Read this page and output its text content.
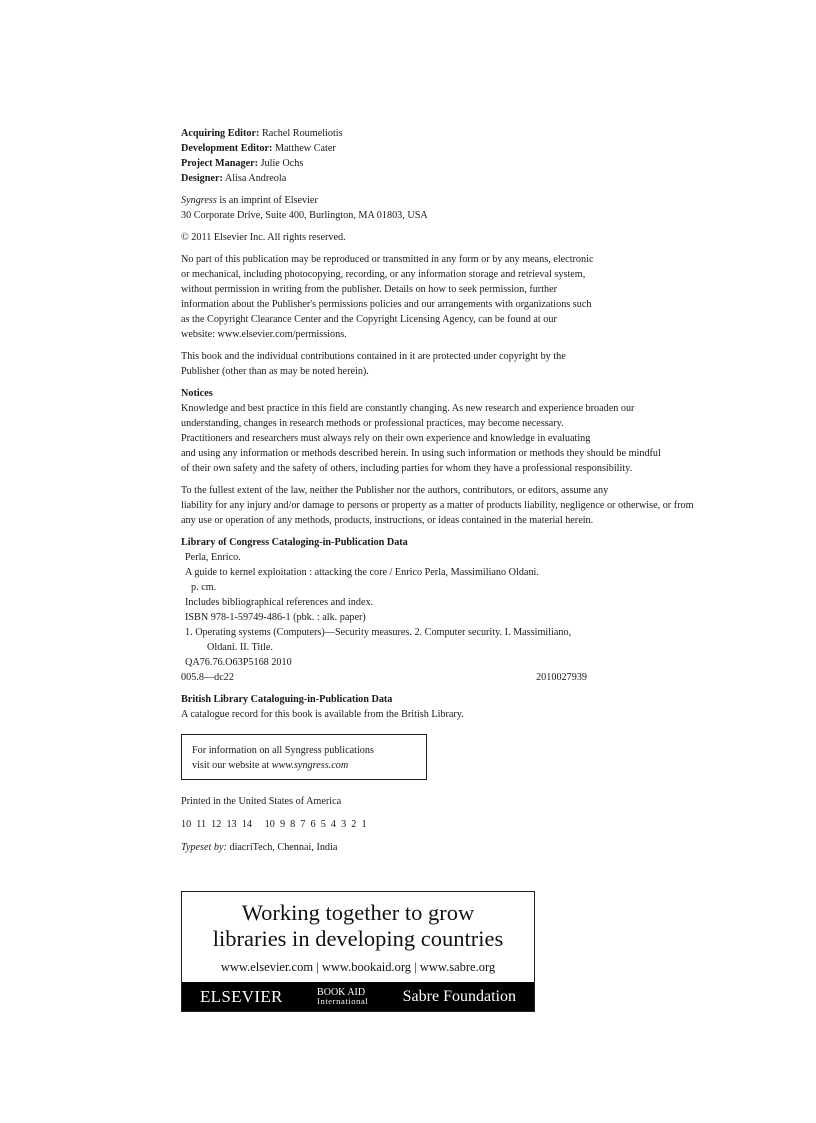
Acquiring Editor: Rachel Roumeliotis

Development Editor: Matthew Cater

Project Manager: Julie Ochs

Designer: Alisa Andreola

Syngress is an imprint of Elsevier

30 Corporate Drive, Suite 400, Burlington, MA 01803, USA

© 2011 Elsevier Inc. All rights reserved.

No part of this publication may be reproduced or transmitted in any form or by any means, electronic

or mechanical, including photocopying, recording, or any information storage and retrieval system,

without permission in writing from the publisher. Details on how to seek permission, further

information about the Publisher's permissions policies and our arrangements with organizations such

as the Copyright Clearance Center and the Copyright Licensing Agency, can be found at our

website: www.elsevier.com/permissions.

This book and the individual contributions contained in it are protected under copyright by the

Publisher (other than as may be noted herein).

Notices

Knowledge and best practice in this field are constantly changing. As new research and experience broaden our

understanding, changes in research methods or professional practices, may become necessary.

Practitioners and researchers must always rely on their own experience and knowledge in evaluating

and using any information or methods described herein. In using such information or methods they should be mindful

of their own safety and the safety of others, including parties for whom they have a professional responsibility.

To the fullest extent of the law, neither the Publisher nor the authors, contributors, or editors, assume any

liability for any injury and/or damage to persons or property as a matter of products liability, negligence or otherwise, or from

any use or operation of any methods, products, instructions, or ideas contained in the material herein.

Library of Congress Cataloging-in-Publication Data

Perla, Enrico.

A guide to kernel exploitation : attacking the core / Enrico Perla, Massimiliano Oldani.

p. cm.

Includes bibliographical references and index.

ISBN 978-1-59749-486-1 (pbk. : alk. paper)

1. Operating systems (Computers)—Security measures. 2. Computer security. I. Massimiliano,

Oldani. II. Title.

QA76.76.O63P5168 2010

005.8—dc22	2010027939

British Library Cataloguing-in-Publication Data

A catalogue record for this book is available from the British Library.

For information on all Syngress publications

visit our website at www.syngress.com

Printed in the United States of America

10  11  12  13  14     10  9  8  7  6  5  4  3  2  1

Typeset by: diacriTech, Chennai, India

Working together to grow
libraries in developing countries
www.elsevier.com | www.bookaid.org | www.sabre.org
ELSEVIER	BOOK AID
International Sabre Foundation
